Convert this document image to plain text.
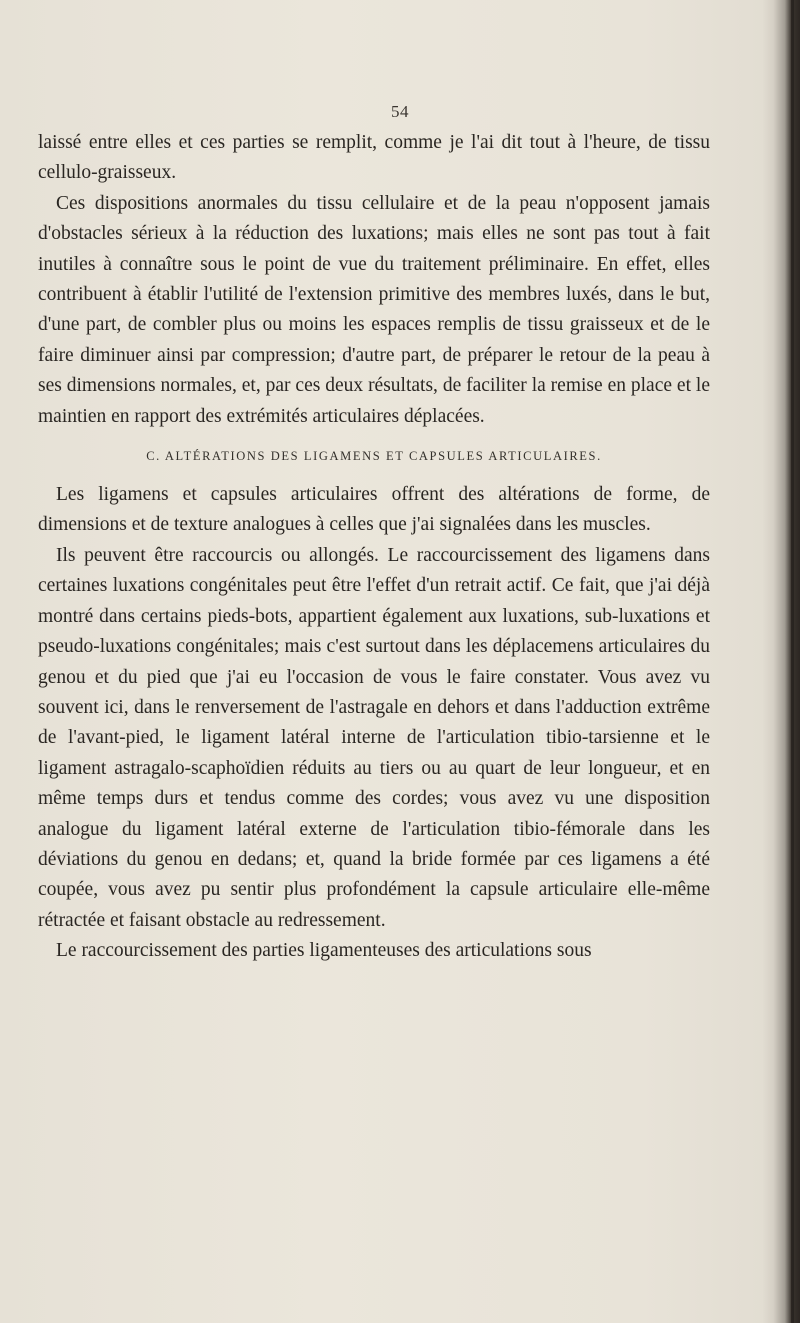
54

laissé entre elles et ces parties se remplit, comme je l'ai dit tout à l'heure, de tissu cellulo-graisseux.

Ces dispositions anormales du tissu cellulaire et de la peau n'opposent jamais d'obstacles sérieux à la réduction des luxations; mais elles ne sont pas tout à fait inutiles à connaître sous le point de vue du traitement préliminaire. En effet, elles contribuent à établir l'utilité de l'extension primitive des membres luxés, dans le but, d'une part, de combler plus ou moins les espaces remplis de tissu graisseux et de le faire diminuer ainsi par compression; d'autre part, de préparer le retour de la peau à ses dimensions normales, et, par ces deux résultats, de faciliter la remise en place et le maintien en rapport des extrémités articulaires déplacées.

C. ALTÉRATIONS DES LIGAMENS ET CAPSULES ARTICULAIRES.

Les ligamens et capsules articulaires offrent des altérations de forme, de dimensions et de texture analogues à celles que j'ai signalées dans les muscles.

Ils peuvent être raccourcis ou allongés. Le raccourcissement des ligamens dans certaines luxations congénitales peut être l'effet d'un retrait actif. Ce fait, que j'ai déjà montré dans certains pieds-bots, appartient également aux luxations, sub-luxations et pseudo-luxations congénitales; mais c'est surtout dans les déplacemens articulaires du genou et du pied que j'ai eu l'occasion de vous le faire constater. Vous avez vu souvent ici, dans le renversement de l'astragale en dehors et dans l'adduction extrême de l'avant-pied, le ligament latéral interne de l'articulation tibio-tarsienne et le ligament astragalo-scaphoïdien réduits au tiers ou au quart de leur longueur, et en même temps durs et tendus comme des cordes; vous avez vu une disposition analogue du ligament latéral externe de l'articulation tibio-fémorale dans les déviations du genou en dedans; et, quand la bride formée par ces ligamens a été coupée, vous avez pu sentir plus profondément la capsule articulaire elle-même rétractée et faisant obstacle au redressement.

Le raccourcissement des parties ligamenteuses des articulations sous
